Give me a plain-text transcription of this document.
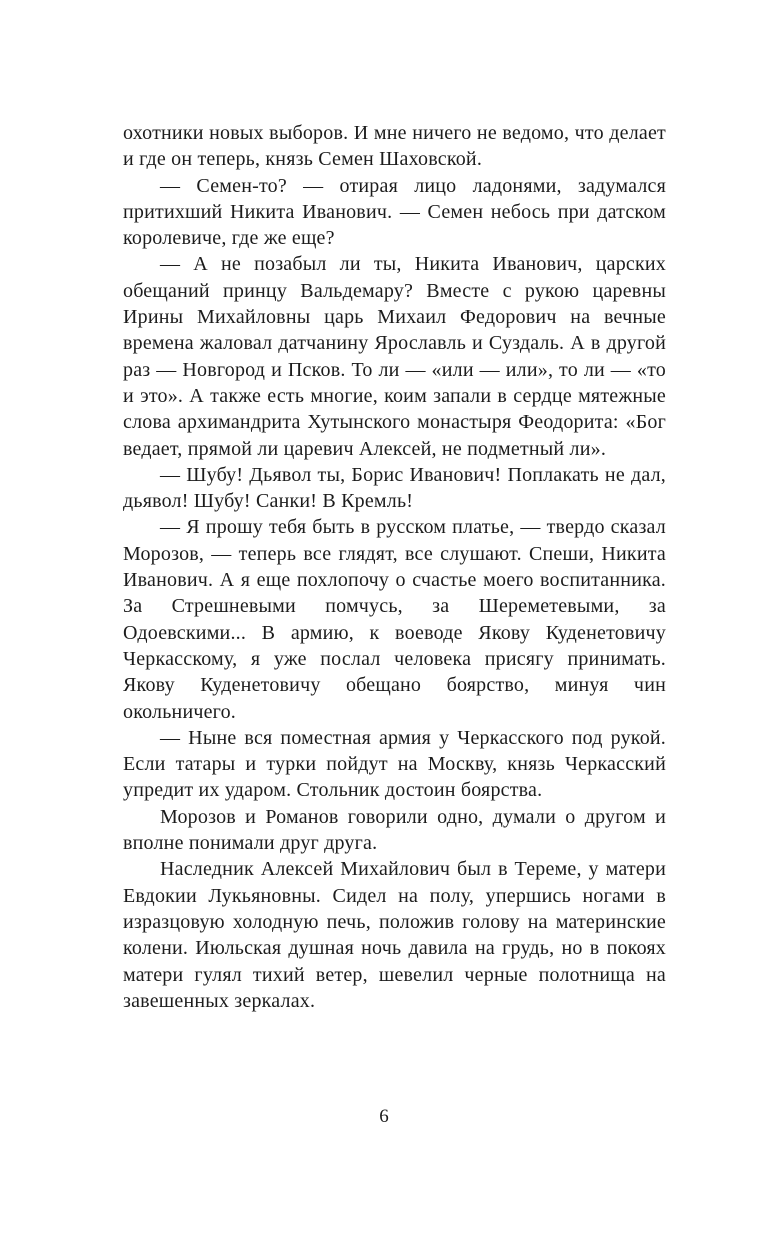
охотники новых выборов. И мне ничего не ведомо, что делает и где он теперь, князь Семен Шаховской.

— Семен-то? — отирая лицо ладонями, задумался притихший Никита Иванович. — Семен небось при датском королевиче, где же еще?

— А не позабыл ли ты, Никита Иванович, царских обещаний принцу Вальдемару? Вместе с рукою царевны Ирины Михайловны царь Михаил Федорович на вечные времена жаловал датчанину Ярославль и Суздаль. А в другой раз — Новгород и Псков. То ли — «или — или», то ли — «то и это». А также есть многие, коим запали в сердце мятежные слова архимандрита Хутынского монастыря Феодорита: «Бог ведает, прямой ли царевич Алексей, не подметный ли».

— Шубу! Дьявол ты, Борис Иванович! Поплакать не дал, дьявол! Шубу! Санки! В Кремль!

— Я прошу тебя быть в русском платье, — твердо сказал Морозов, — теперь все глядят, все слушают. Спеши, Никита Иванович. А я еще похлопочу о счастье моего воспитанника. За Стрешневыми помчусь, за Шереметевыми, за Одоевскими... В армию, к воеводе Якову Куденетовичу Черкасскому, я уже послал человека присягу принимать. Якову Куденетовичу обещано боярство, минуя чин окольничего.

— Ныне вся поместная армия у Черкасского под рукой. Если татары и турки пойдут на Москву, князь Черкасский упредит их ударом. Стольник достоин боярства.

Морозов и Романов говорили одно, думали о другом и вполне понимали друг друга.

Наследник Алексей Михайлович был в Тереме, у матери Евдокии Лукьяновны. Сидел на полу, упершись ногами в изразцовую холодную печь, положив голову на материнские колени. Июльская душная ночь давила на грудь, но в покоях матери гулял тихий ветер, шевелил черные полотнища на завешенных зеркалах.

6
